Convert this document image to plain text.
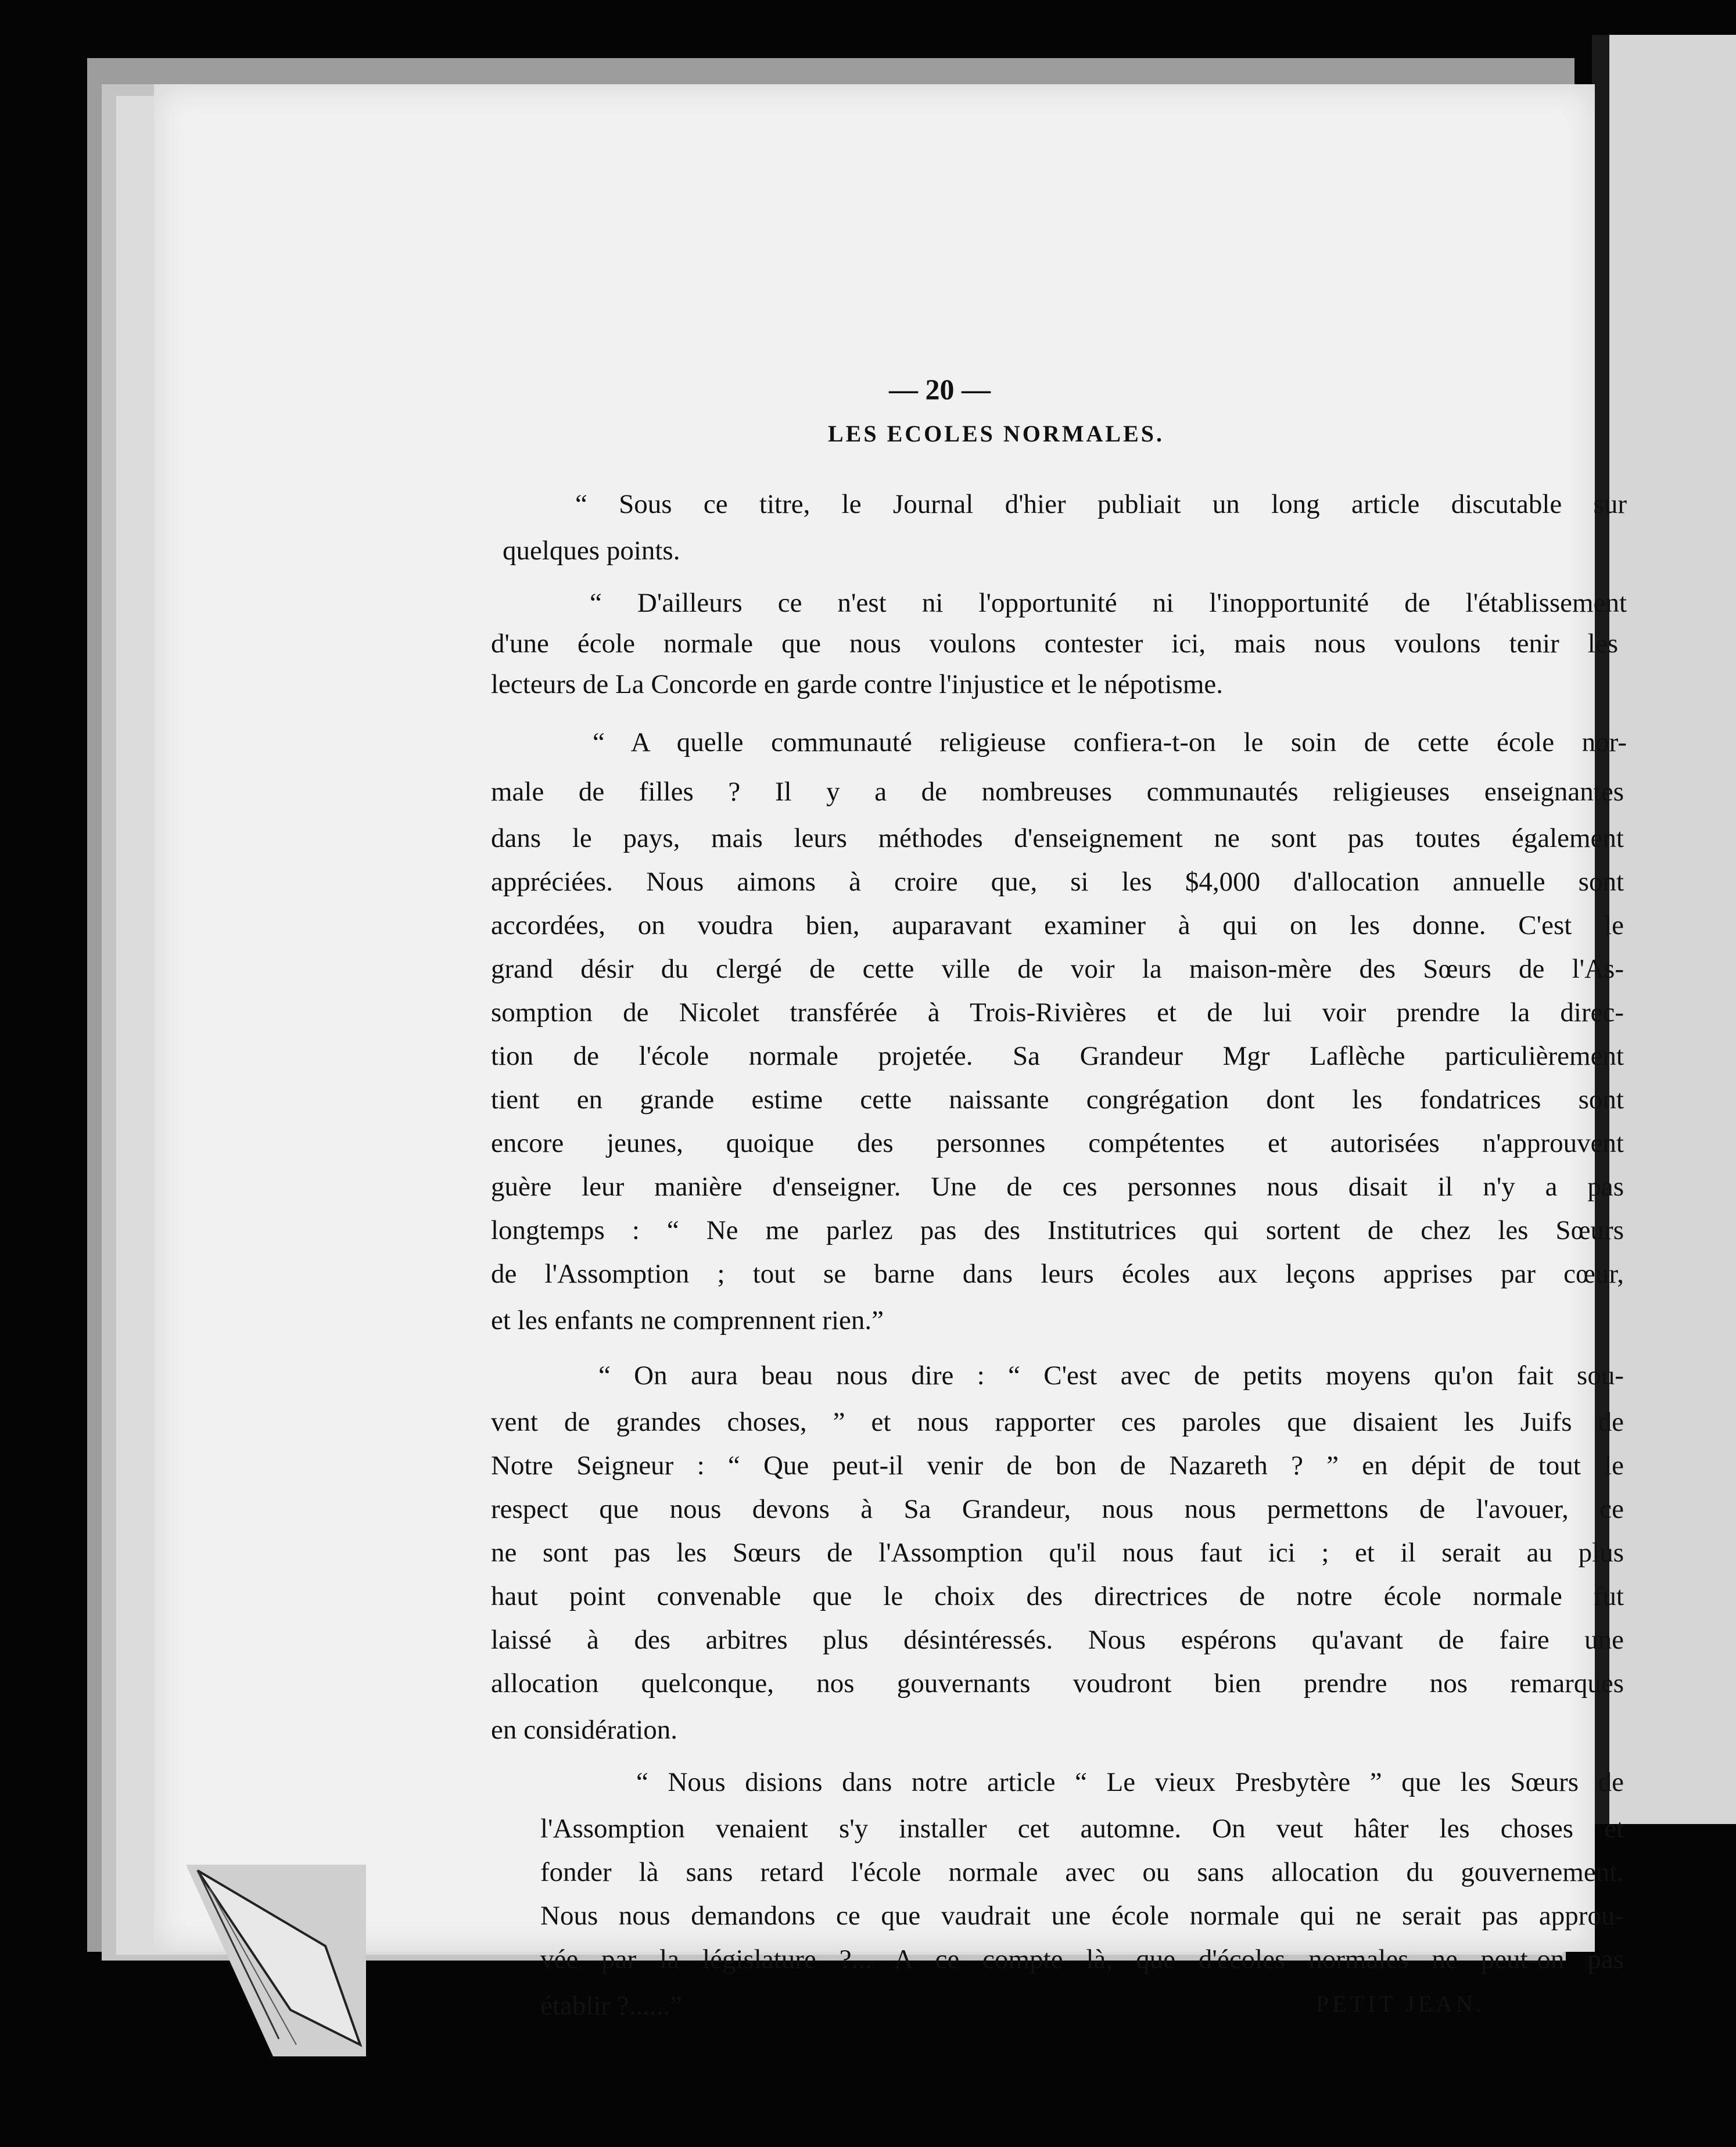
— 20 —
LES ECOLES NORMALES.
“ Sous ce titre, le Journal d'hier publiait un long article discutable sur
quelques points.
“ D'ailleurs ce n'est ni l'opportunité ni l'inopportunité de l'établissement
d'une école normale que nous voulons contester ici, mais nous voulons tenir les
lecteurs de La Concorde en garde contre l'injustice et le népotisme.
“ A quelle communauté religieuse confiera-t-on le soin de cette école nor-
male de filles ? Il y a de nombreuses communautés religieuses enseignantes
dans le pays, mais leurs méthodes d'enseignement ne sont pas toutes également
appréciées. Nous aimons à croire que, si les $4,000 d'allocation annuelle sont
accordées, on voudra bien, auparavant examiner à qui on les donne. C'est le
grand désir du clergé de cette ville de voir la maison-mère des Sœurs de l'As-
somption de Nicolet transférée à Trois-Rivières et de lui voir prendre la direc-
tion de l'école normale projetée. Sa Grandeur Mgr Laflèche particulièrement
tient en grande estime cette naissante congrégation dont les fondatrices sont
encore jeunes, quoique des personnes compétentes et autorisées n'approuvent
guère leur manière d'enseigner. Une de ces personnes nous disait il n'y a pas
longtemps : “ Ne me parlez pas des Institutrices qui sortent de chez les Sœurs
de l'Assomption ; tout se barne dans leurs écoles aux leçons apprises par cœur,
et les enfants ne comprennent rien.”
“ On aura beau nous dire : “ C'est avec de petits moyens qu'on fait sou-
vent de grandes choses, ” et nous rapporter ces paroles que disaient les Juifs de
Notre Seigneur : “ Que peut-il venir de bon de Nazareth ? ” en dépit de tout le
respect que nous devons à Sa Grandeur, nous nous permettons de l'avouer, ce
ne sont pas les Sœurs de l'Assomption qu'il nous faut ici ; et il serait au plus
haut point convenable que le choix des directrices de notre école normale fut
laissé à des arbitres plus désintéressés. Nous espérons qu'avant de faire une
allocation quelconque, nos gouvernants voudront bien prendre nos remarques
en considération.
“ Nous disions dans notre article “ Le vieux Presbytère ” que les Sœurs de
l'Assomption venaient s'y installer cet automne. On veut hâter les choses et
fonder là sans retard l'école normale avec ou sans allocation du gouvernement.
Nous nous demandons ce que vaudrait une école normale qui ne serait pas approu-
vée par la législature ?... A ce compte là, que d'écoles normales ne peut-on pas
établir ?......”	PETIT JEAN.
